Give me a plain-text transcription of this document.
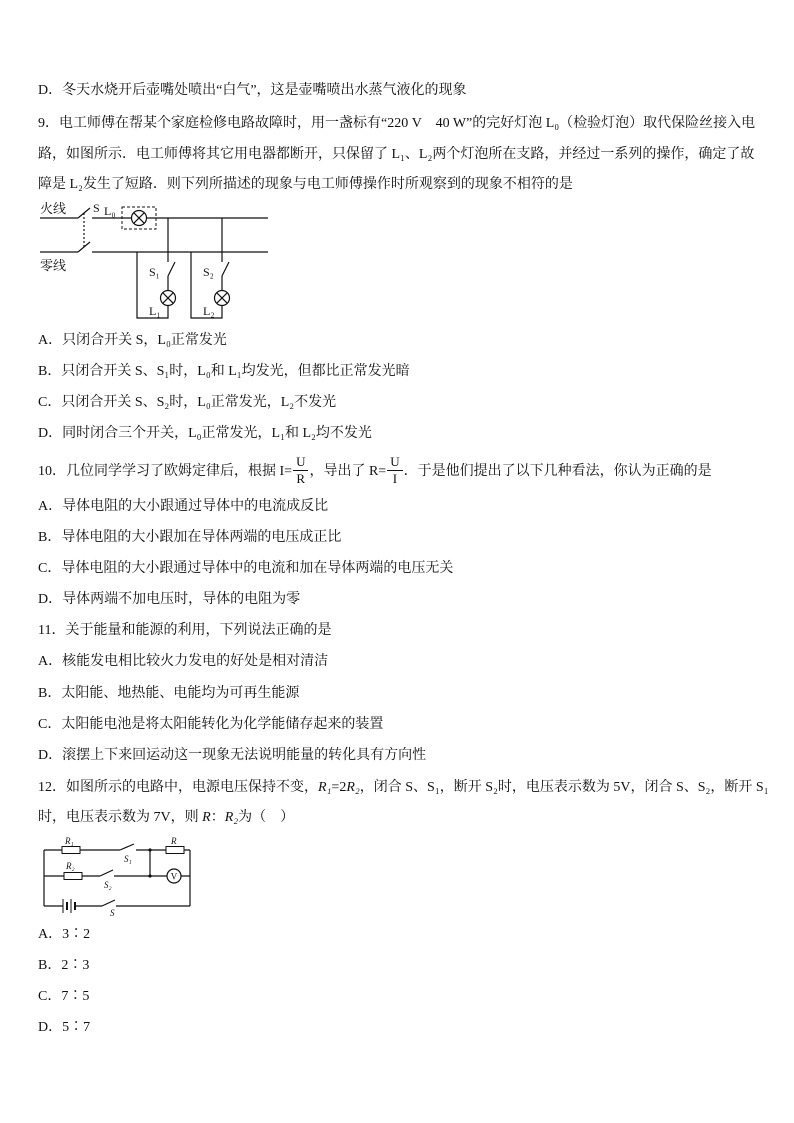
D．冬天水烧开后壶嘴处喷出“白气”，这是壶嘴喷出水蒸气液化的现象
9．电工师傅在帮某个家庭检修电路故障时，用一盏标有“220 V　40 W”的完好灯泡 L₀（检验灯泡）取代保险丝接入电
路，如图所示．电工师傅将其它用电器都断开，只保留了 L₁、L₂两个灯泡所在支路，并经过一系列的操作，确定了故
障是 L₂发生了短路．则下列所描述的现象与电工师傅操作时所观察到的现象不相符的是
火线
零线
S L₀
S₁
L₁
S₂
L₂
A．只闭合开关 S，L₀正常发光
B．只闭合开关 S、S₁时，L₀和 L₁均发光，但都比正常发光暗
C．只闭合开关 S、S₂时，L₀正常发光，L₂不发光
D．同时闭合三个开关，L₀正常发光，L₁和 L₂均不发光
10．几位同学学习了欧姆定律后，根据 $I= \frac{U}{R}$ ，导出了 $R= \frac{U}{I}$ ．于是他们提出了以下几种看法，你认为正确的是
A．导体电阻的大小跟通过导体中的电流成反比
B．导体电阻的大小跟加在导体两端的电压成正比
C．导体电阻的大小跟通过导体中的电流和加在导体两端的电压无关
D．导体两端不加电压时，导体的电阻为零
11．关于能量和能源的利用，下列说法正确的是
A．核能发电相比较火力发电的好处是相对清洁
B．太阳能、地热能、电能均为可再生能源
C．太阳能电池是将太阳能转化为化学能储存起来的装置
D．滚摆上下来回运动这一现象无法说明能量的转化具有方向性
12．如图所示的电路中，电源电压保持不变，R₁=2R₂，闭合 S、S₁，断开 S₂时，电压表示数为 5V，闭合 S、S₂，断开 S₁
时，电压表示数为 7V，则 R：R₂为（　）
R₁
S₁
R
R₂
S₂
V
S
A．3∶2
B．2∶3
C．7∶5
D．5∶7
